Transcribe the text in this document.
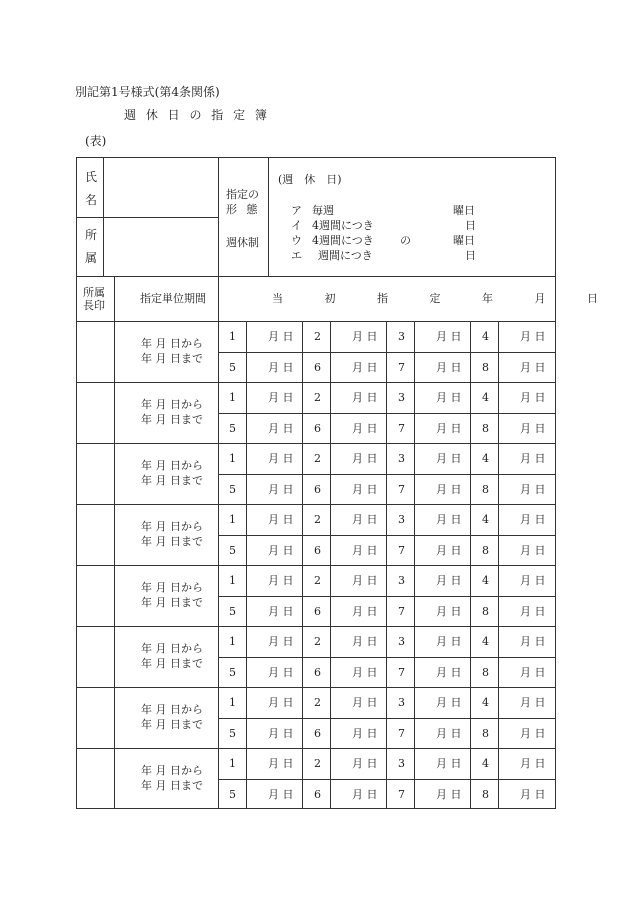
別記第1号様式(第4条関係)
週 休 日 の 指 定 簿
(表)
氏
名
所
属
指定の
形 態
週休制
(週　休　日)
ア 毎週	曜日
イ 4週間につき	日
ウ 4週間につき の	曜日
エ 週間につき	日
所属
長印
指定単位期間	当 初 指 定 年 月 日
年 月 日から
年 月 日まで
1	月 日 2	月 日 3	月 日 4	月 日
5	月 日 6	月 日 7	月 日 8	月 日
年 月 日から
年 月 日まで
1	月 日 2	月 日 3	月 日 4	月 日
5	月 日 6	月 日 7	月 日 8	月 日
年 月 日から
年 月 日まで
1	月 日 2	月 日 3	月 日 4	月 日
5	月 日 6	月 日 7	月 日 8	月 日
年 月 日から
年 月 日まで
1	月 日 2	月 日 3	月 日 4	月 日
5	月 日 6	月 日 7	月 日 8	月 日
年 月 日から
年 月 日まで
1	月 日 2	月 日 3	月 日 4	月 日
5	月 日 6	月 日 7	月 日 8	月 日
年 月 日から
年 月 日まで
1	月 日 2	月 日 3	月 日 4	月 日
5	月 日 6	月 日 7	月 日 8	月 日
年 月 日から
年 月 日まで
1	月 日 2	月 日 3	月 日 4	月 日
5	月 日 6	月 日 7	月 日 8	月 日
年 月 日から
年 月 日まで
1	月 日 2	月 日 3	月 日 4	月 日
5	月 日 6	月 日 7	月 日 8	月 日
